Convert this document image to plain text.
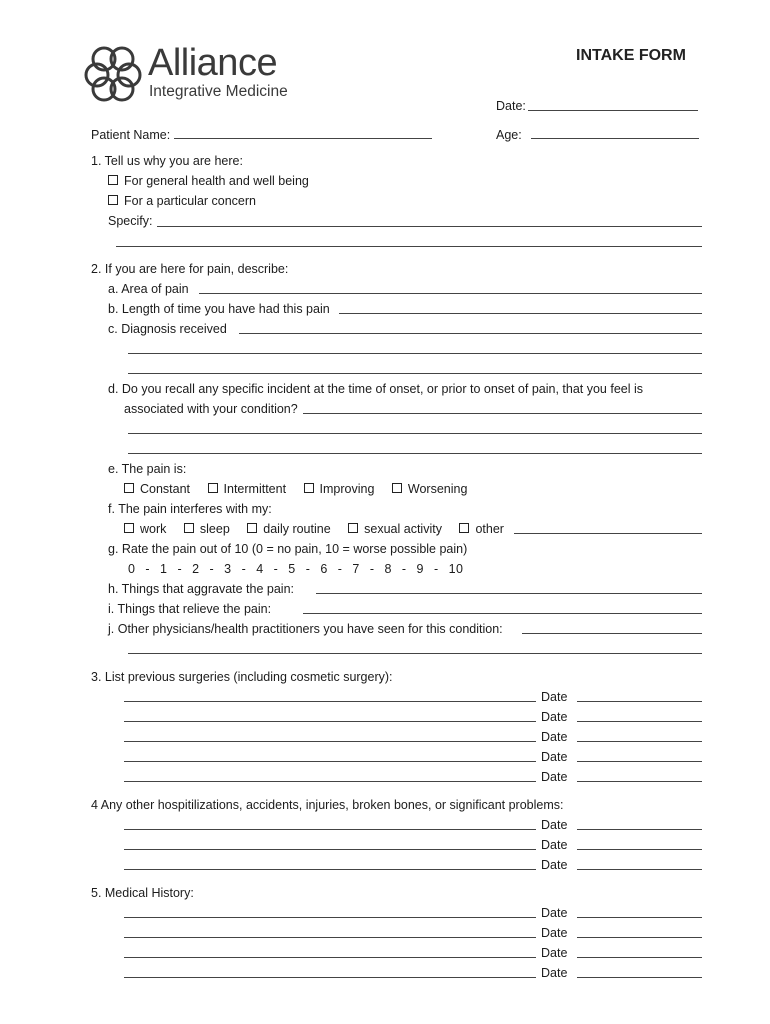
Alliance
Integrative Medicine
INTAKE FORM
Date:
Patient Name:	Age:
1. Tell us why you are here:
For general health and well being
For a particular concern
Specify:
2. If you are here for pain, describe:
a. Area of pain
b. Length of time you have had this pain
c. Diagnosis received
d. Do you recall any specific incident at the time of onset, or prior to onset of pain, that you feel is
associated with your condition?
e. The pain is:
Constant	Intermittent	Improving	Worsening
f. The pain interferes with my:
work	sleep	daily routine	sexual activity	other
g. Rate the pain out of 10 (0 = no pain, 10 = worse possible pain)
0 - 1 - 2 - 3 - 4 - 5 - 6 - 7 - 8 - 9 - 10
h. Things that aggravate the pain:
i. Things that relieve the pain:
j. Other physicians/health practitioners you have seen for this condition:
3. List previous surgeries (including cosmetic surgery):
Date
Date
Date
Date
Date
4 Any other hospitilizations, accidents, injuries, broken bones, or significant problems:
Date
Date
Date
5. Medical History:
Date
Date
Date
Date
